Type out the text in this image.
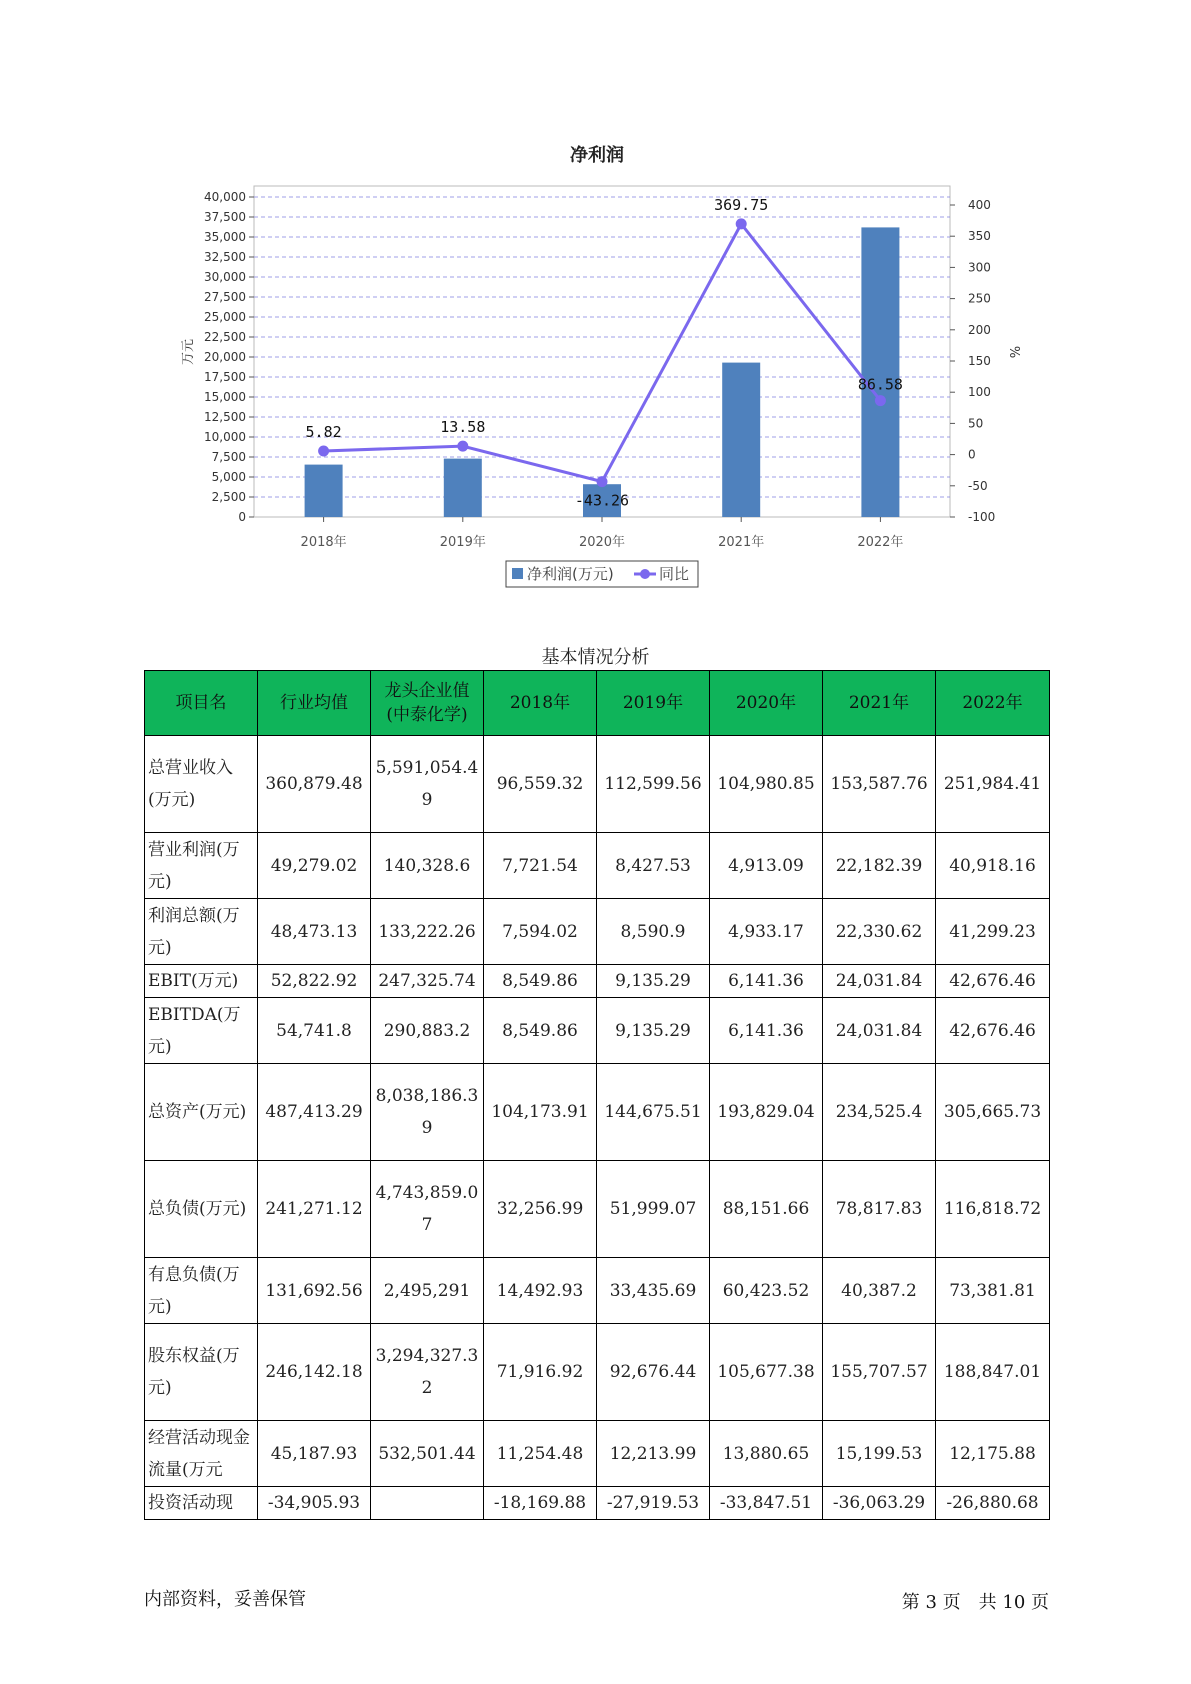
净利润
0
2,500
5,000
7,500
10,000
12,500
15,000
17,500
20,000
22,500
25,000
27,500
30,000
32,500
35,000
37,500
40,000
-100
-50
0
50
100
150
200
250
300
350
400
万元	%
2018年	2019年	2020年	2021年	2022年
5.82	13.58
-43.26
369.75
86.58
净利润(万元)	同比
基本情况分析
项目名	行业均值	龙头企业值(中泰化学)	2018年	2019年	2020年	2021年	2022年
总营业收入(万元)	360,879.48	5,591,054.49	96,559.32	112,599.56	104,980.85	153,587.76	251,984.41
营业利润(万元)	49,279.02	140,328.6	7,721.54	8,427.53	4,913.09	22,182.39	40,918.16
利润总额(万元)	48,473.13	133,222.26	7,594.02	8,590.9	4,933.17	22,330.62	41,299.23
EBIT(万元)	52,822.92	247,325.74	8,549.86	9,135.29	6,141.36	24,031.84	42,676.46
EBITDA(万元)	54,741.8	290,883.2	8,549.86	9,135.29	6,141.36	24,031.84	42,676.46
总资产(万元)	487,413.29	8,038,186.39	104,173.91	144,675.51	193,829.04	234,525.4	305,665.73
总负债(万元)	241,271.12	4,743,859.07	32,256.99	51,999.07	88,151.66	78,817.83	116,818.72
有息负债(万元)	131,692.56	2,495,291	14,492.93	33,435.69	60,423.52	40,387.2	73,381.81
股东权益(万元)	246,142.18	3,294,327.32	71,916.92	92,676.44	105,677.38	155,707.57	188,847.01
经营活动现金流量(万元	45,187.93	532,501.44	11,254.48	12,213.99	13,880.65	15,199.53	12,175.88
投资活动现	-34,905.93		-18,169.88	-27,919.53	-33,847.51	-36,063.29	-26,880.68
内部资料，妥善保管	第 3 页　共 10 页
